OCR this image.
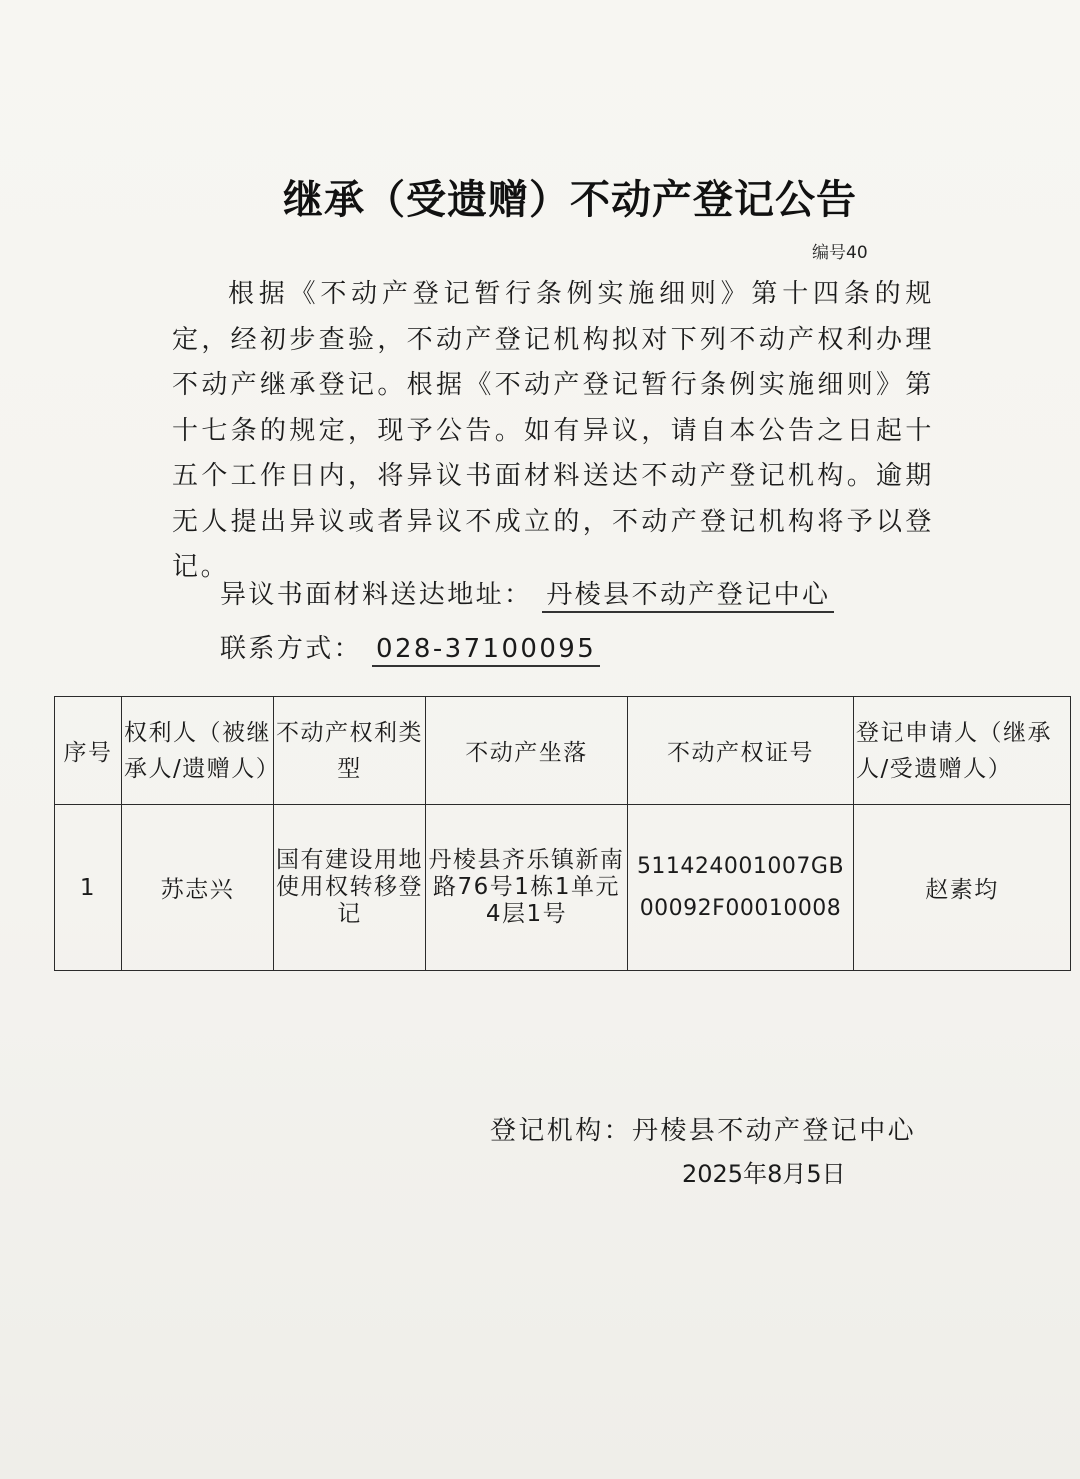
继承（受遗赠）不动产登记公告
编号40

根据《不动产登记暂行条例实施细则》第十四条的规定，经初步查验，不动产登记机构拟对下列不动产权利办理不动产继承登记。根据《不动产登记暂行条例实施细则》第十七条的规定，现予公告。如有异议，请自本公告之日起十五个工作日内，将异议书面材料送达不动产登记机构。逾期无人提出异议或者异议不成立的，不动产登记机构将予以登记。

异议书面材料送达地址： 丹棱县不动产登记中心
联系方式： 028-37100095
序号	权利人（被继承人/遗赠人）	不动产权利类型	不动产坐落	不动产权证号	登记申请人（继承人/受遗赠人）
1	苏志兴	国有建设用地使用权转移登记	丹棱县齐乐镇新南路76号1栋1单元4层1号	511424001007GB00092F00010008	赵素均
登记机构：丹棱县不动产登记中心
2025年8月5日
